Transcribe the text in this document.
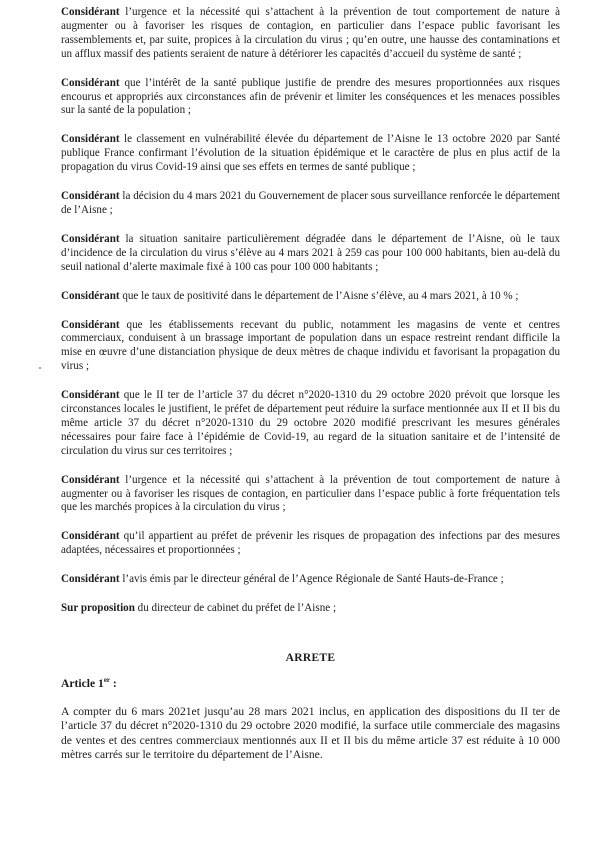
Considérant l’urgence et la nécessité qui s’attachent à la prévention de tout comportement de nature à augmenter ou à favoriser les risques de contagion, en particulier dans l’espace public favorisant les rassemblements et, par suite, propices à la circulation du virus ; qu’en outre, une hausse des contaminations et un afflux massif des patients seraient de nature à détériorer les capacités d’accueil du système de santé ;

Considérant que l’intérêt de la santé publique justifie de prendre des mesures proportionnées aux risques encourus et appropriés aux circonstances afin de prévenir et limiter les conséquences et les menaces possibles sur la santé de la population ;

Considérant le classement en vulnérabilité élevée du département de l’Aisne le 13 octobre 2020 par Santé publique France confirmant l’évolution de la situation épidémique et le caractère de plus en plus actif de la propagation du virus Covid-19 ainsi que ses effets en termes de santé publique ;

Considérant la décision du 4 mars 2021 du Gouvernement de placer sous surveillance renforcée le département de l’Aisne ;

Considérant la situation sanitaire particulièrement dégradée dans le département de l’Aisne, où le taux d’incidence de la circulation du virus s’élève au 4 mars 2021 à 259 cas pour 100 000 habitants, bien au-delà du seuil national d’alerte maximale fixé à 100 cas pour 100 000 habitants ;

Considérant que le taux de positivité dans le département de l’Aisne s’élève, au 4 mars 2021, à 10 % ;

Considérant que les établissements recevant du public, notamment les magasins de vente et centres commerciaux, conduisent à un brassage important de population dans un espace restreint rendant difficile la mise en œuvre d’une distanciation physique de deux mètres de chaque individu et favorisant la propagation du virus ;

Considérant que le II ter de l’article 37 du décret n°2020-1310 du 29 octobre 2020 prévoit que lorsque les circonstances locales le justifient, le préfet de département peut réduire la surface mentionnée aux II et II bis du même article 37 du décret n°2020-1310 du 29 octobre 2020 modifié prescrivant les mesures générales nécessaires pour faire face à l’épidémie de Covid-19, au regard de la situation sanitaire et de l’intensité de circulation du virus sur ces territoires ;

Considérant l’urgence et la nécessité qui s’attachent à la prévention de tout comportement de nature à augmenter ou à favoriser les risques de contagion, en particulier dans l’espace public à forte fréquentation tels que les marchés propices à la circulation du virus ;

Considérant qu’il appartient au préfet de prévenir les risques de propagation des infections par des mesures adaptées, nécessaires et proportionnées ;

Considérant l’avis émis par le directeur général de l’Agence Régionale de Santé Hauts-de-France ;

Sur proposition du directeur de cabinet du préfet de l’Aisne ;

ARRETE
Article 1er :

A compter du 6 mars 2021et jusqu’au 28 mars 2021 inclus, en application des dispositions du II ter de l’article 37 du décret n°2020-1310 du 29 octobre 2020 modifié, la surface utile commerciale des magasins de ventes et des centres commerciaux mentionnés aux II et II bis du même article 37 est réduite à 10 000 mètres carrés sur le territoire du département de l’Aisne.
